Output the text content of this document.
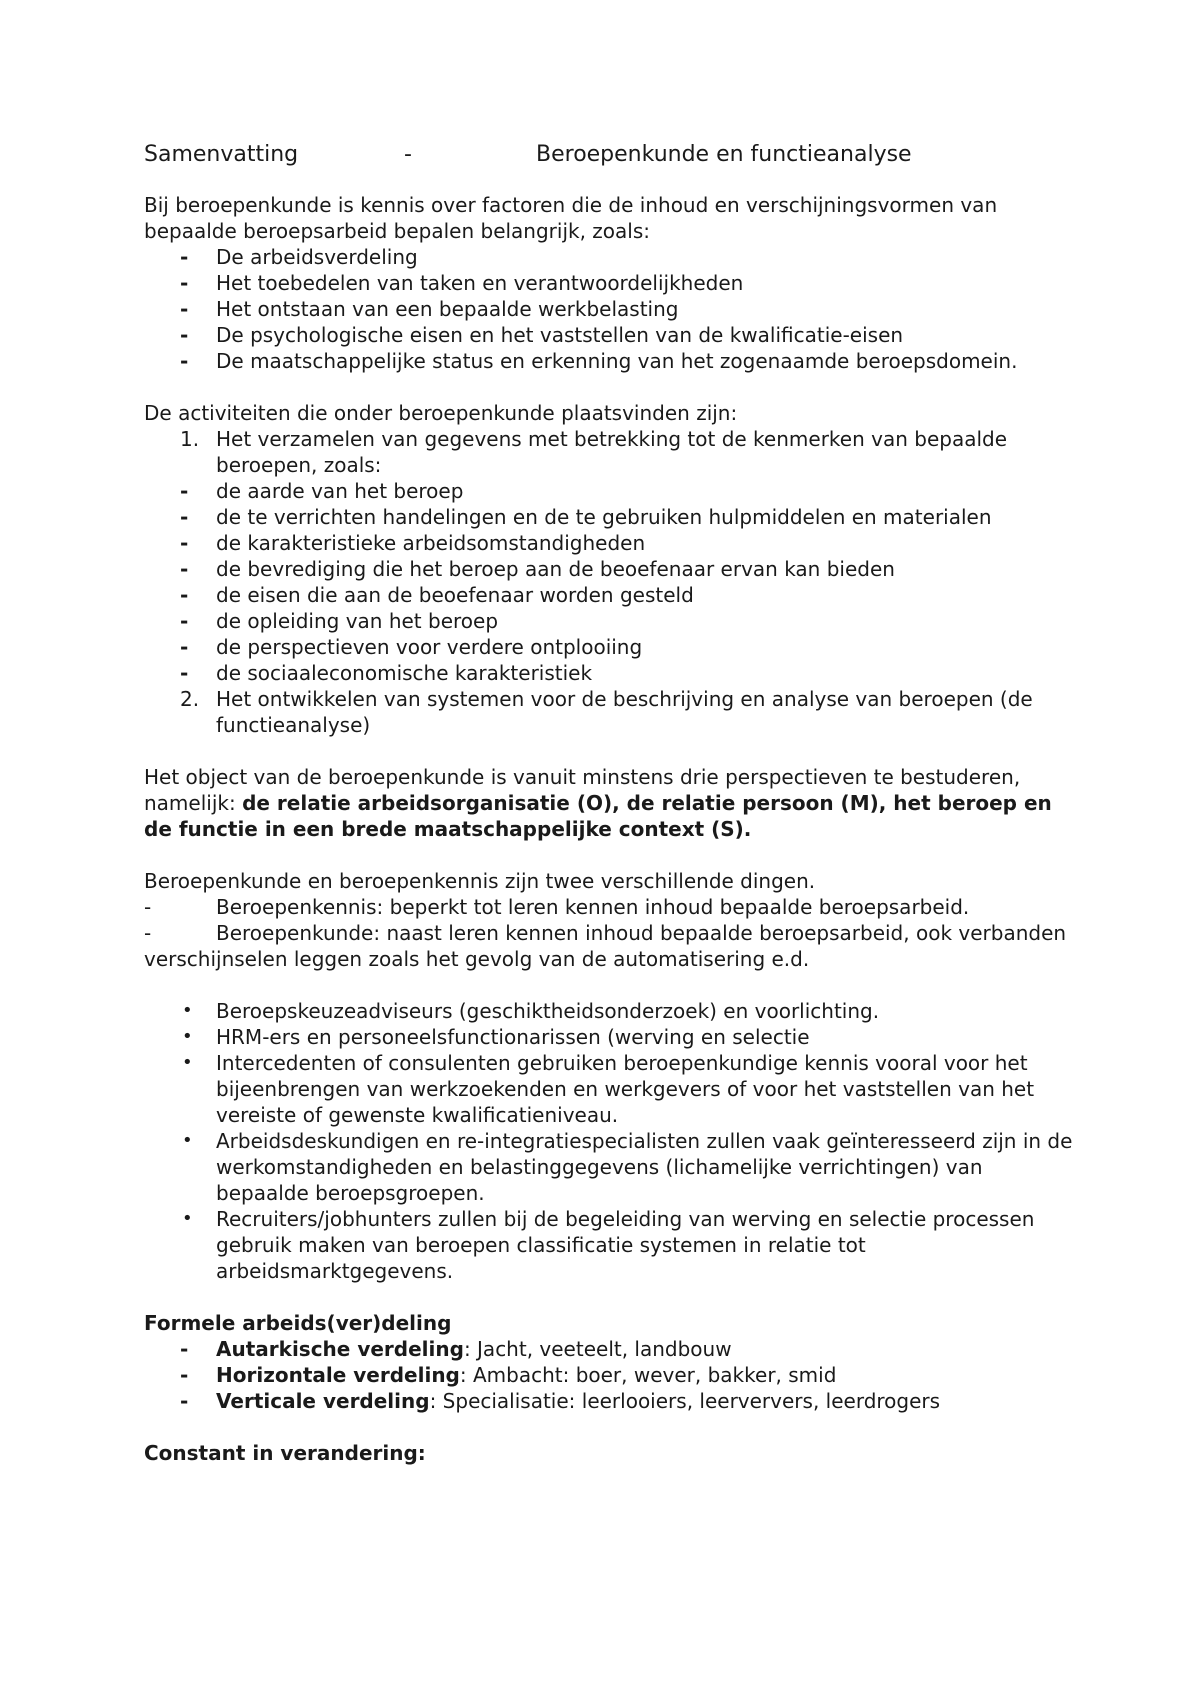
Samenvatting	-	Beroepenkunde en functieanalyse

Bij beroepenkunde is kennis over factoren die de inhoud en verschijningsvormen van bepaalde beroepsarbeid bepalen belangrijk, zoals:

-	De arbeidsverdeling
-	Het toebedelen van taken en verantwoordelijkheden
-	Het ontstaan van een bepaalde werkbelasting
-	De psychologische eisen en het vaststellen van de kwalificatie-eisen
-	De maatschappelijke status en erkenning van het zogenaamde beroepsdomein.

De activiteiten die onder beroepenkunde plaatsvinden zijn:

1. Het verzamelen van gegevens met betrekking tot de kenmerken van bepaalde beroepen, zoals:
-	de aarde van het beroep
-	de te verrichten handelingen en de te gebruiken hulpmiddelen en materialen
-	de karakteristieke arbeidsomstandigheden
-	de bevrediging die het beroep aan de beoefenaar ervan kan bieden
-	de eisen die aan de beoefenaar worden gesteld
-	de opleiding van het beroep
-	de perspectieven voor verdere ontplooiing
-	de sociaaleconomische karakteristiek
2. Het ontwikkelen van systemen voor de beschrijving en analyse van beroepen (de functieanalyse)

Het object van de beroepenkunde is vanuit minstens drie perspectieven te bestuderen, namelijk: de relatie arbeidsorganisatie (O), de relatie persoon (M), het beroep en de functie in een brede maatschappelijke context (S).

Beroepenkunde en beroepenkennis zijn twee verschillende dingen.

-	Beroepenkennis: beperkt tot leren kennen inhoud bepaalde beroepsarbeid.

-	Beroepenkunde: naast leren kennen inhoud bepaalde beroepsarbeid, ook verbanden verschijnselen leggen zoals het gevolg van de automatisering e.d.

•	Beroepskeuzeadviseurs (geschiktheidsonderzoek) en voorlichting.
•	HRM-ers en personeelsfunctionarissen (werving en selectie
•	Intercedenten of consulenten gebruiken beroepenkundige kennis vooral voor het bijeenbrengen van werkzoekenden en werkgevers of voor het vaststellen van het vereiste of gewenste kwalificatieniveau.
•	Arbeidsdeskundigen en re-integratiespecialisten zullen vaak geïnteresseerd zijn in de werkomstandigheden en belastinggegevens (lichamelijke verrichtingen) van bepaalde beroepsgroepen.
•	Recruiters/jobhunters zullen bij de begeleiding van werving en selectie processen gebruik maken van beroepen classificatie systemen in relatie tot arbeidsmarktgegevens.

Formele arbeids(ver)deling

-	Autarkische verdeling: Jacht, veeteelt, landbouw
-	Horizontale verdeling: Ambacht: boer, wever, bakker, smid
-	Verticale verdeling: Specialisatie: leerlooiers, leerververs, leerdrogers

Constant in verandering:
